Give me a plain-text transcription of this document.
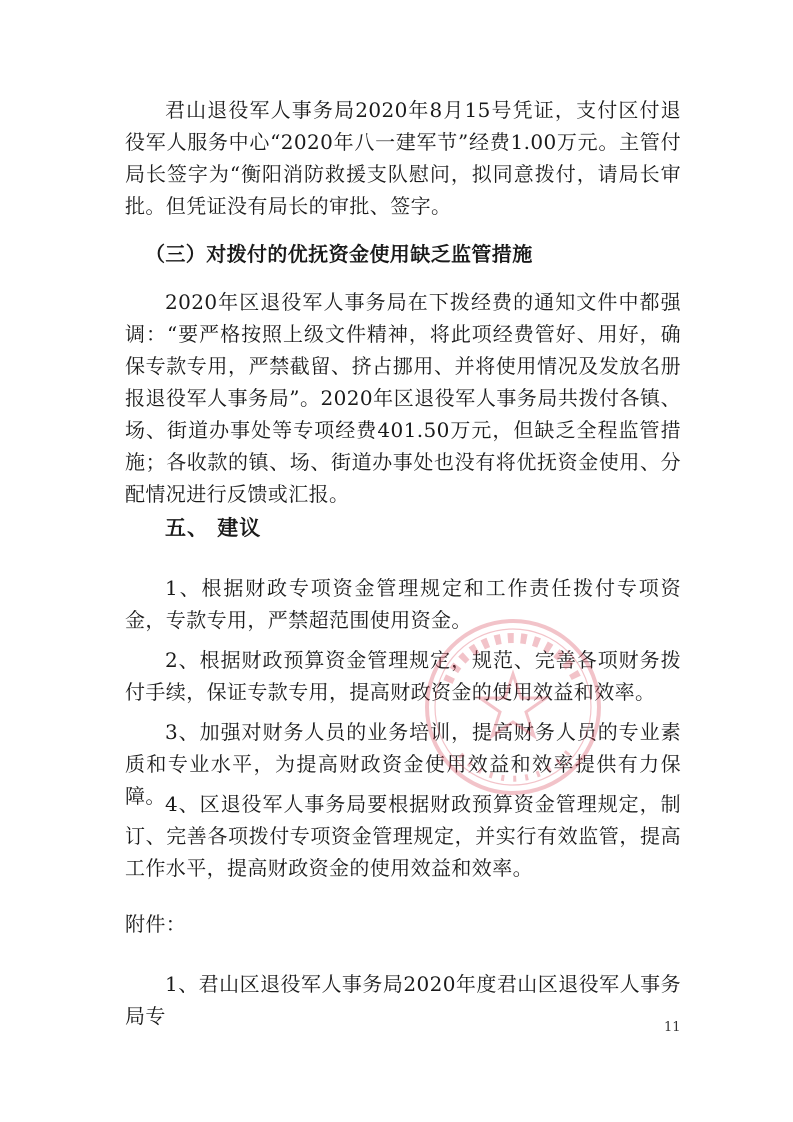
君山退役军人事务局2020年8月15号凭证，支付区付退役军人服务中心“2020年八一建军节”经费1.00万元。主管付局长签字为“衡阳消防救援支队慰问，拟同意拨付，请局长审批。但凭证没有局长的审批、签字。

（三）对拨付的优抚资金使用缺乏监管措施

2020年区退役军人事务局在下拨经费的通知文件中都强调：“要严格按照上级文件精神，将此项经费管好、用好，确保专款专用，严禁截留、挤占挪用、并将使用情况及发放名册报退役军人事务局”。2020年区退役军人事务局共拨付各镇、场、街道办事处等专项经费401.50万元，但缺乏全程监管措施；各收款的镇、场、街道办事处也没有将优抚资金使用、分配情况进行反馈或汇报。

五、 建议

1、根据财政专项资金管理规定和工作责任拨付专项资金，专款专用，严禁超范围使用资金。

2、根据财政预算资金管理规定，规范、完善各项财务拨付手续，保证专款专用，提高财政资金的使用效益和效率。

3、加强对财务人员的业务培训，提高财务人员的专业素质和专业水平，为提高财政资金使用效益和效率提供有力保障。 4、区退役军人事务局要根据财政预算资金管理规定，制订、完善各项拨付专项资金管理规定，并实行有效监管，提高工作水平，提高财政资金的使用效益和效率。

附件：

1、君山区退役军人事务局2020年度君山区退役军人事务局专	11
